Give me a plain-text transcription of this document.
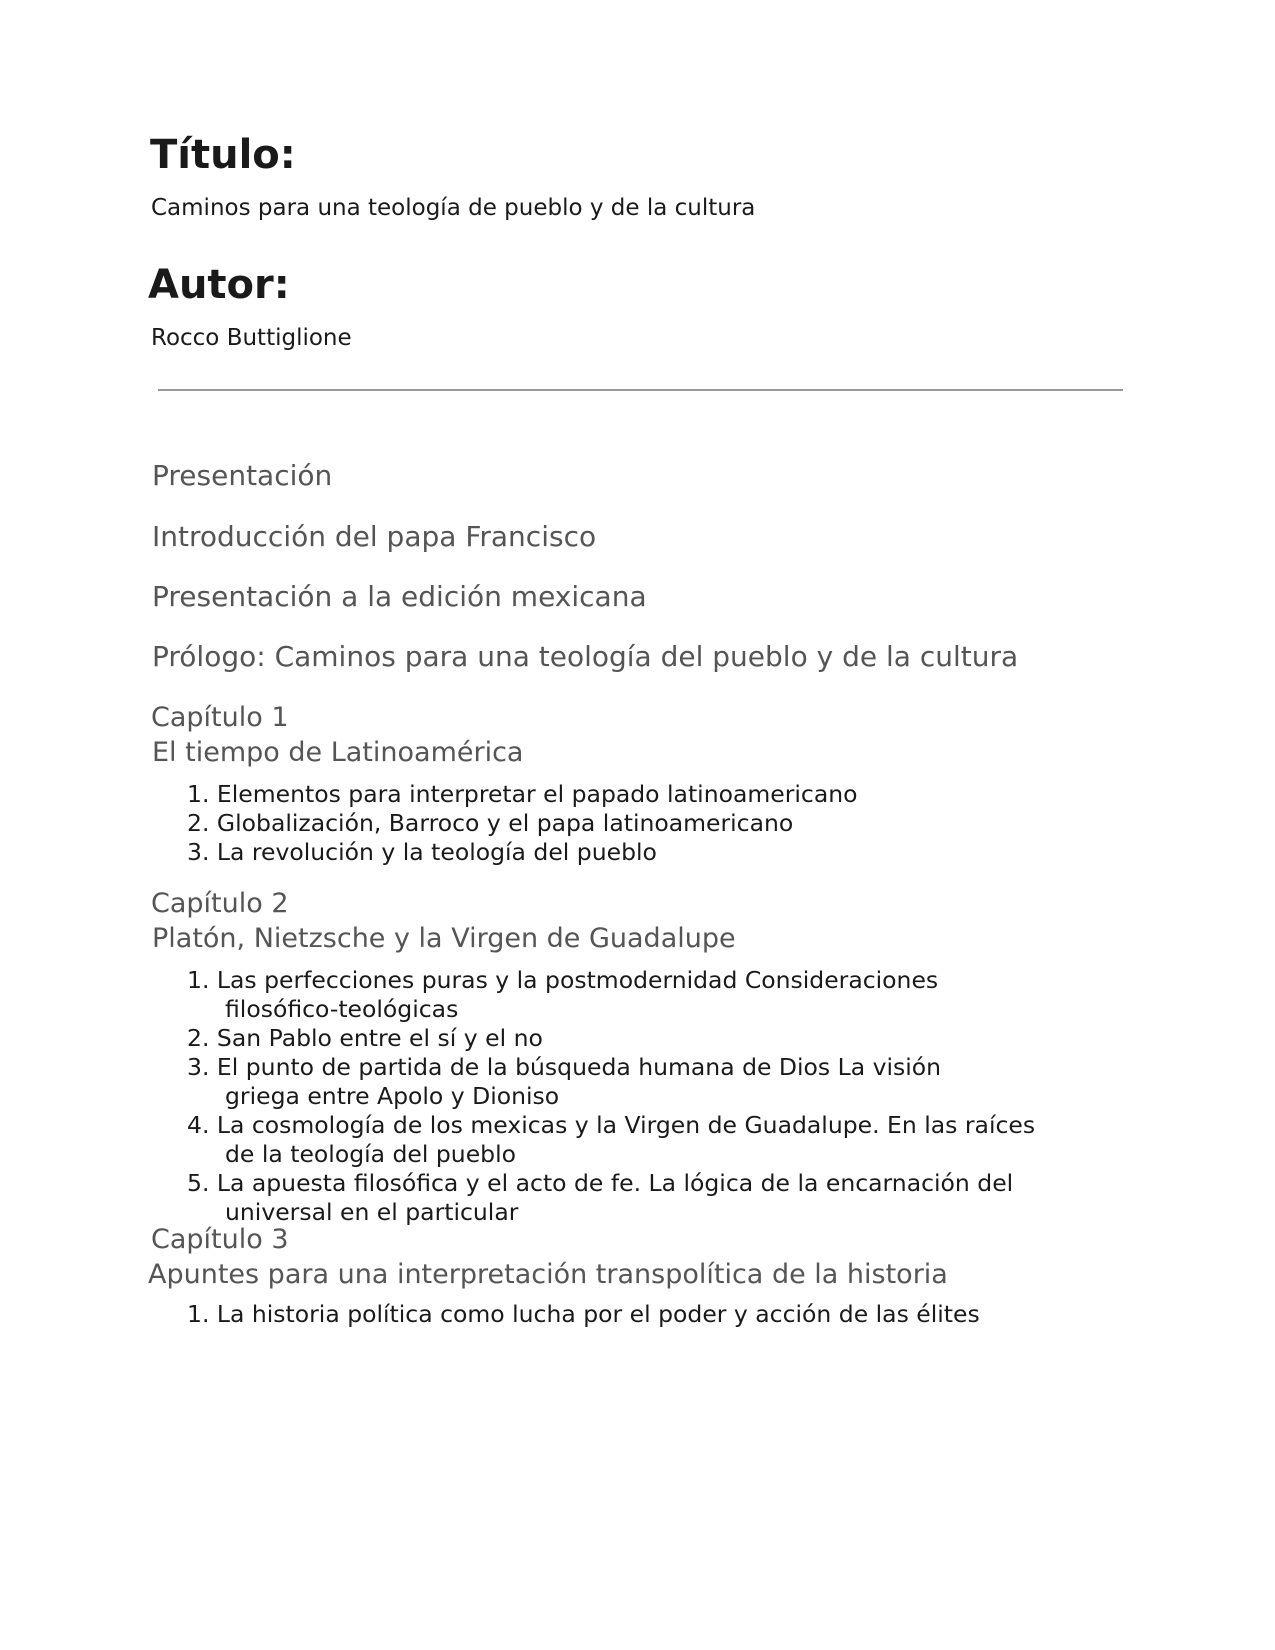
Título:
Caminos para una teología de pueblo y de la cultura
Autor:
Rocco Buttiglione
Presentación
Introducción del papa Francisco
Presentación a la edición mexicana
Prólogo: Caminos para una teología del pueblo y de la cultura
Capítulo 1
El tiempo de Latinoamérica
1. Elementos para interpretar el papado latinoamericano
2. Globalización, Barroco y el papa latinoamericano
3. La revolución y la teología del pueblo
Capítulo 2
Platón, Nietzsche y la Virgen de Guadalupe
1. Las perfecciones puras y la postmodernidad Consideraciones
filosófico-teológicas
2. San Pablo entre el sí y el no
3. El punto de partida de la búsqueda humana de Dios La visión
griega entre Apolo y Dioniso
4. La cosmología de los mexicas y la Virgen de Guadalupe. En las raíces
de la teología del pueblo
5. La apuesta filosófica y el acto de fe. La lógica de la encarnación del
universal en el particular
Capítulo 3
Apuntes para una interpretación transpolítica de la historia
1. La historia política como lucha por el poder y acción de las élites
